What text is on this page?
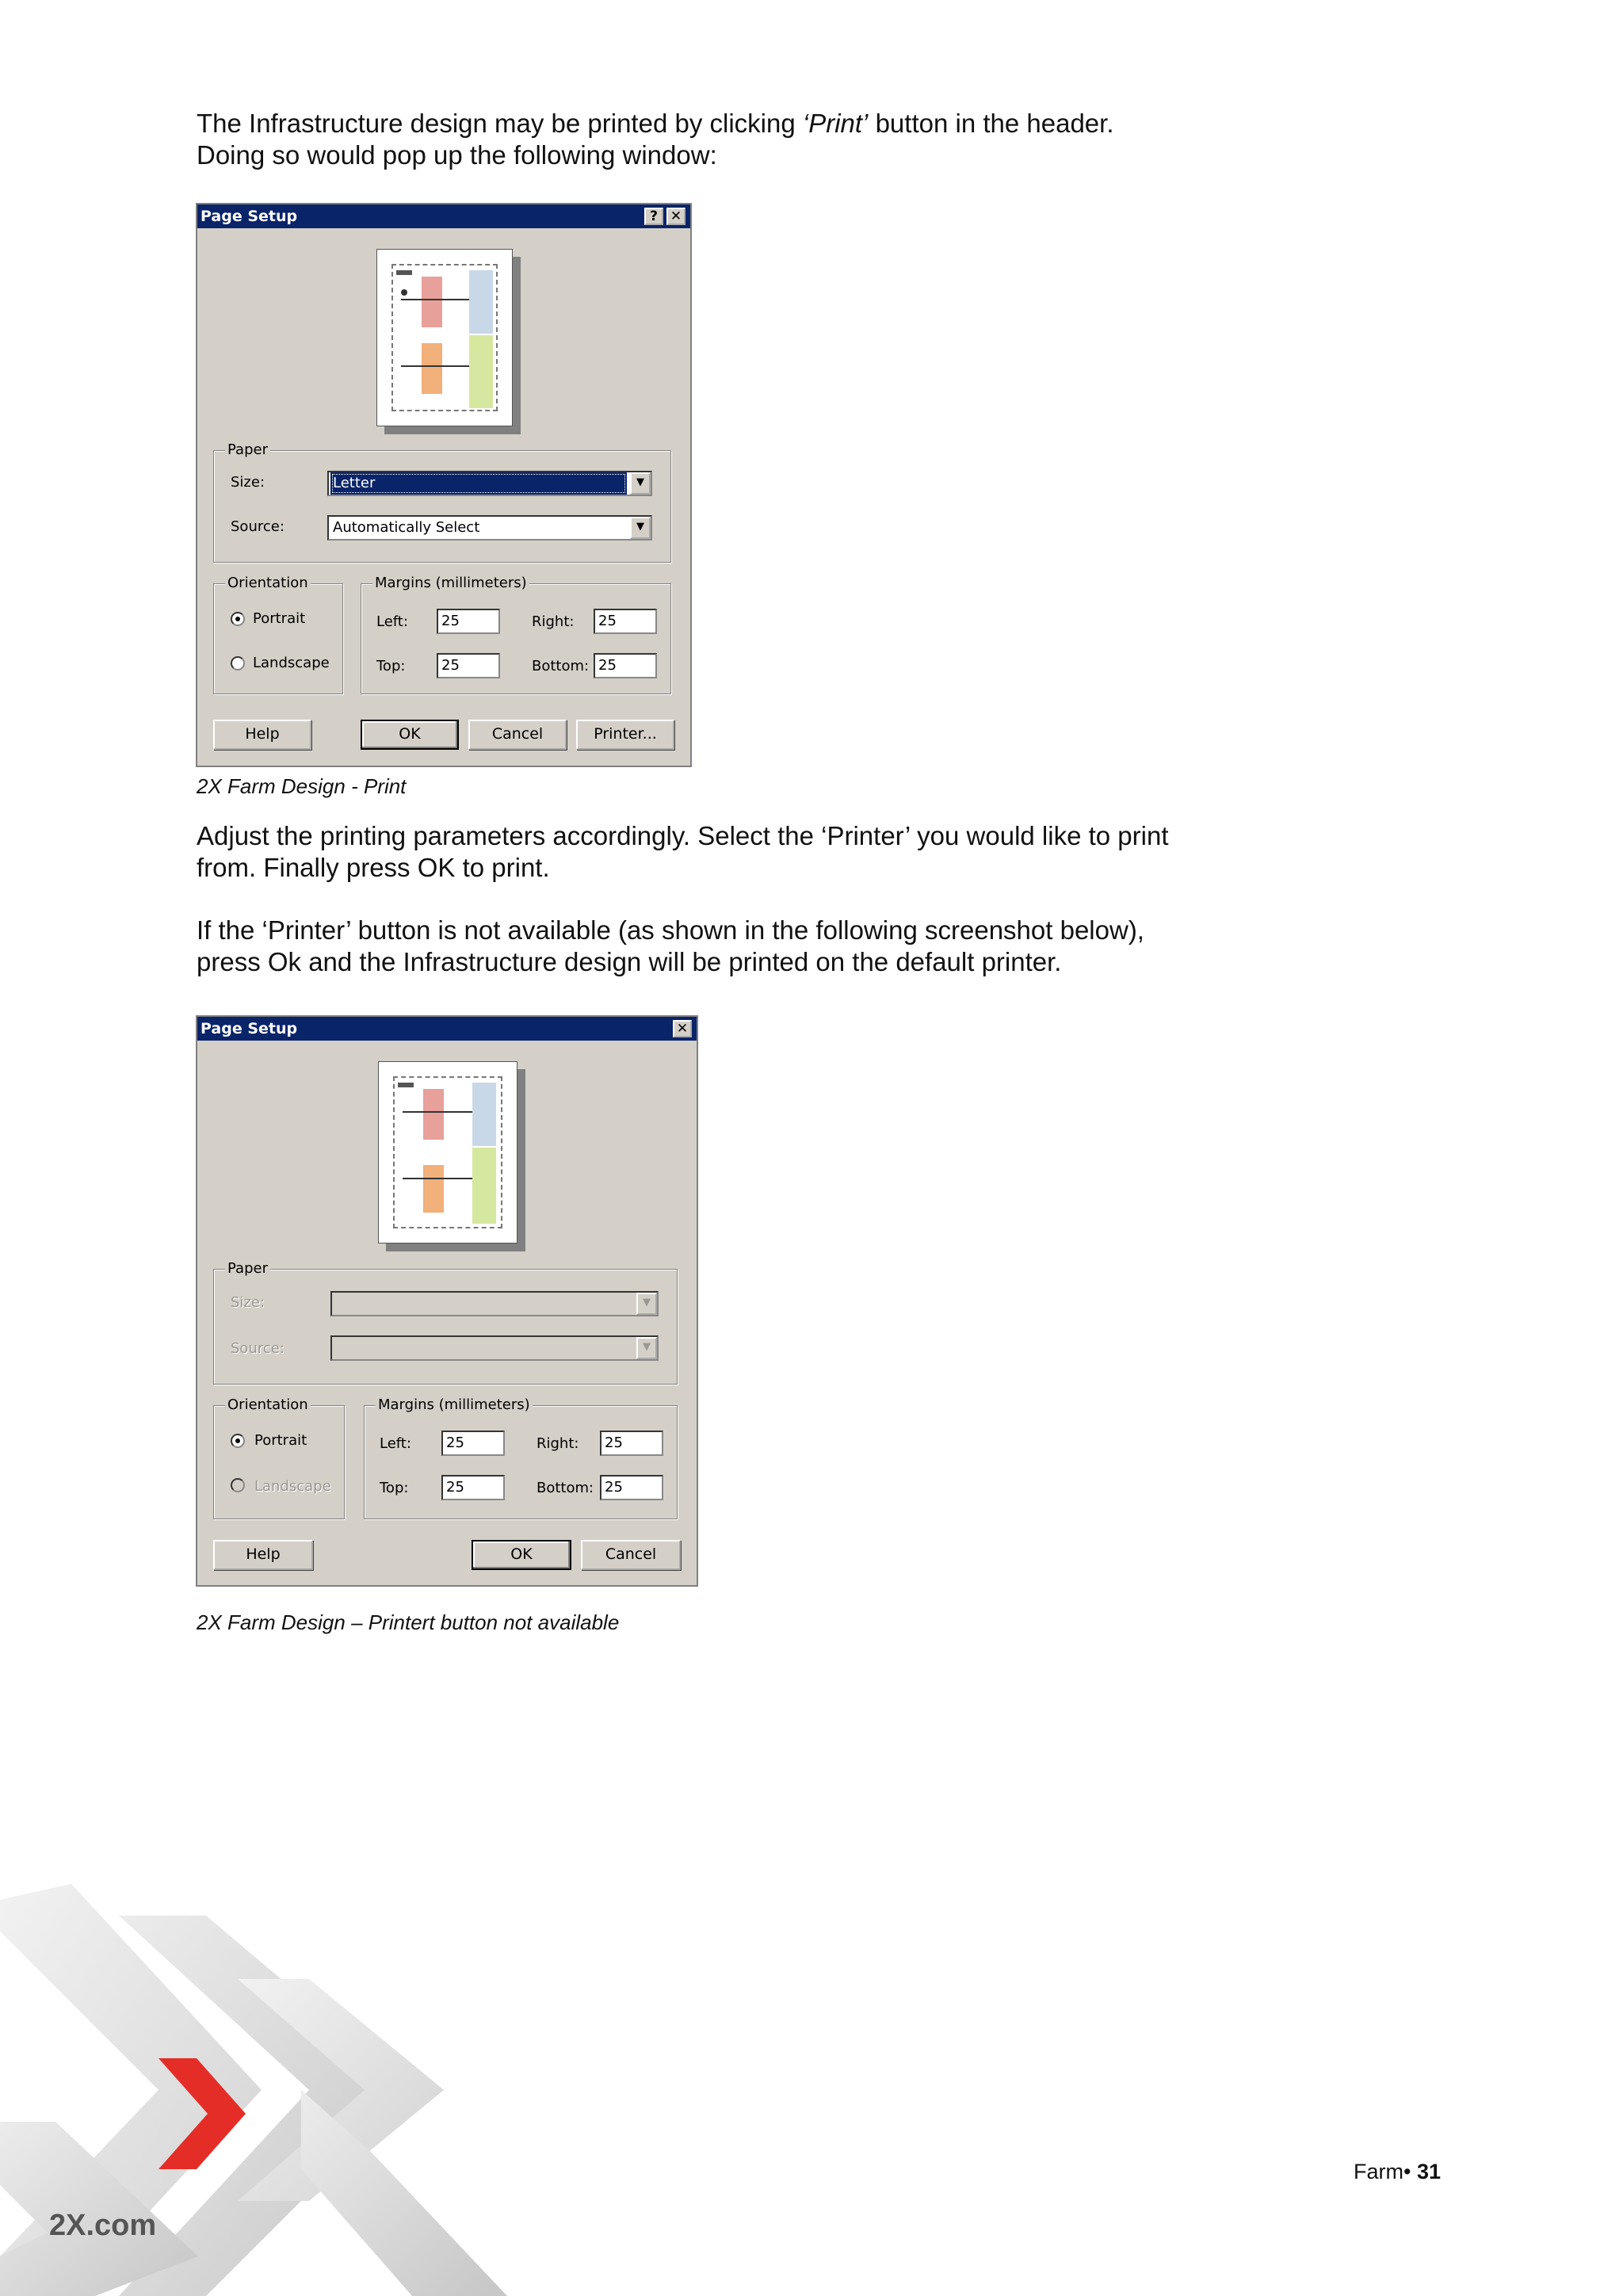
The Infrastructure design may be printed by clicking ‘Print’ button in the header.
Doing so would pop up the following window:
Page Setup	? ✕
Paper
Size:	Letter	▼
Source:	Automatically Select	▼
Orientation
Portrait
Landscape
Margins (millimeters)
Left:	25	Right:	25
Top:	25	Bottom: 25
Help	OK	Cancel	Printer...
2X Farm Design - Print
Adjust the printing parameters accordingly. Select the ‘Printer’ you would like to print
from. Finally press OK to print.
If the ‘Printer’ button is not available (as shown in the following screenshot below),
press Ok and the Infrastructure design will be printed on the default printer.
Page Setup	✕
Paper
Size:	▼
Source:	▼
Orientation
Portrait
Landscape
Margins (millimeters)
Left:	25	Right:	25
Top:	25	Bottom: 25
Help	OK	Cancel
2X Farm Design – Printert button not available
2X.com
Farm• 31
